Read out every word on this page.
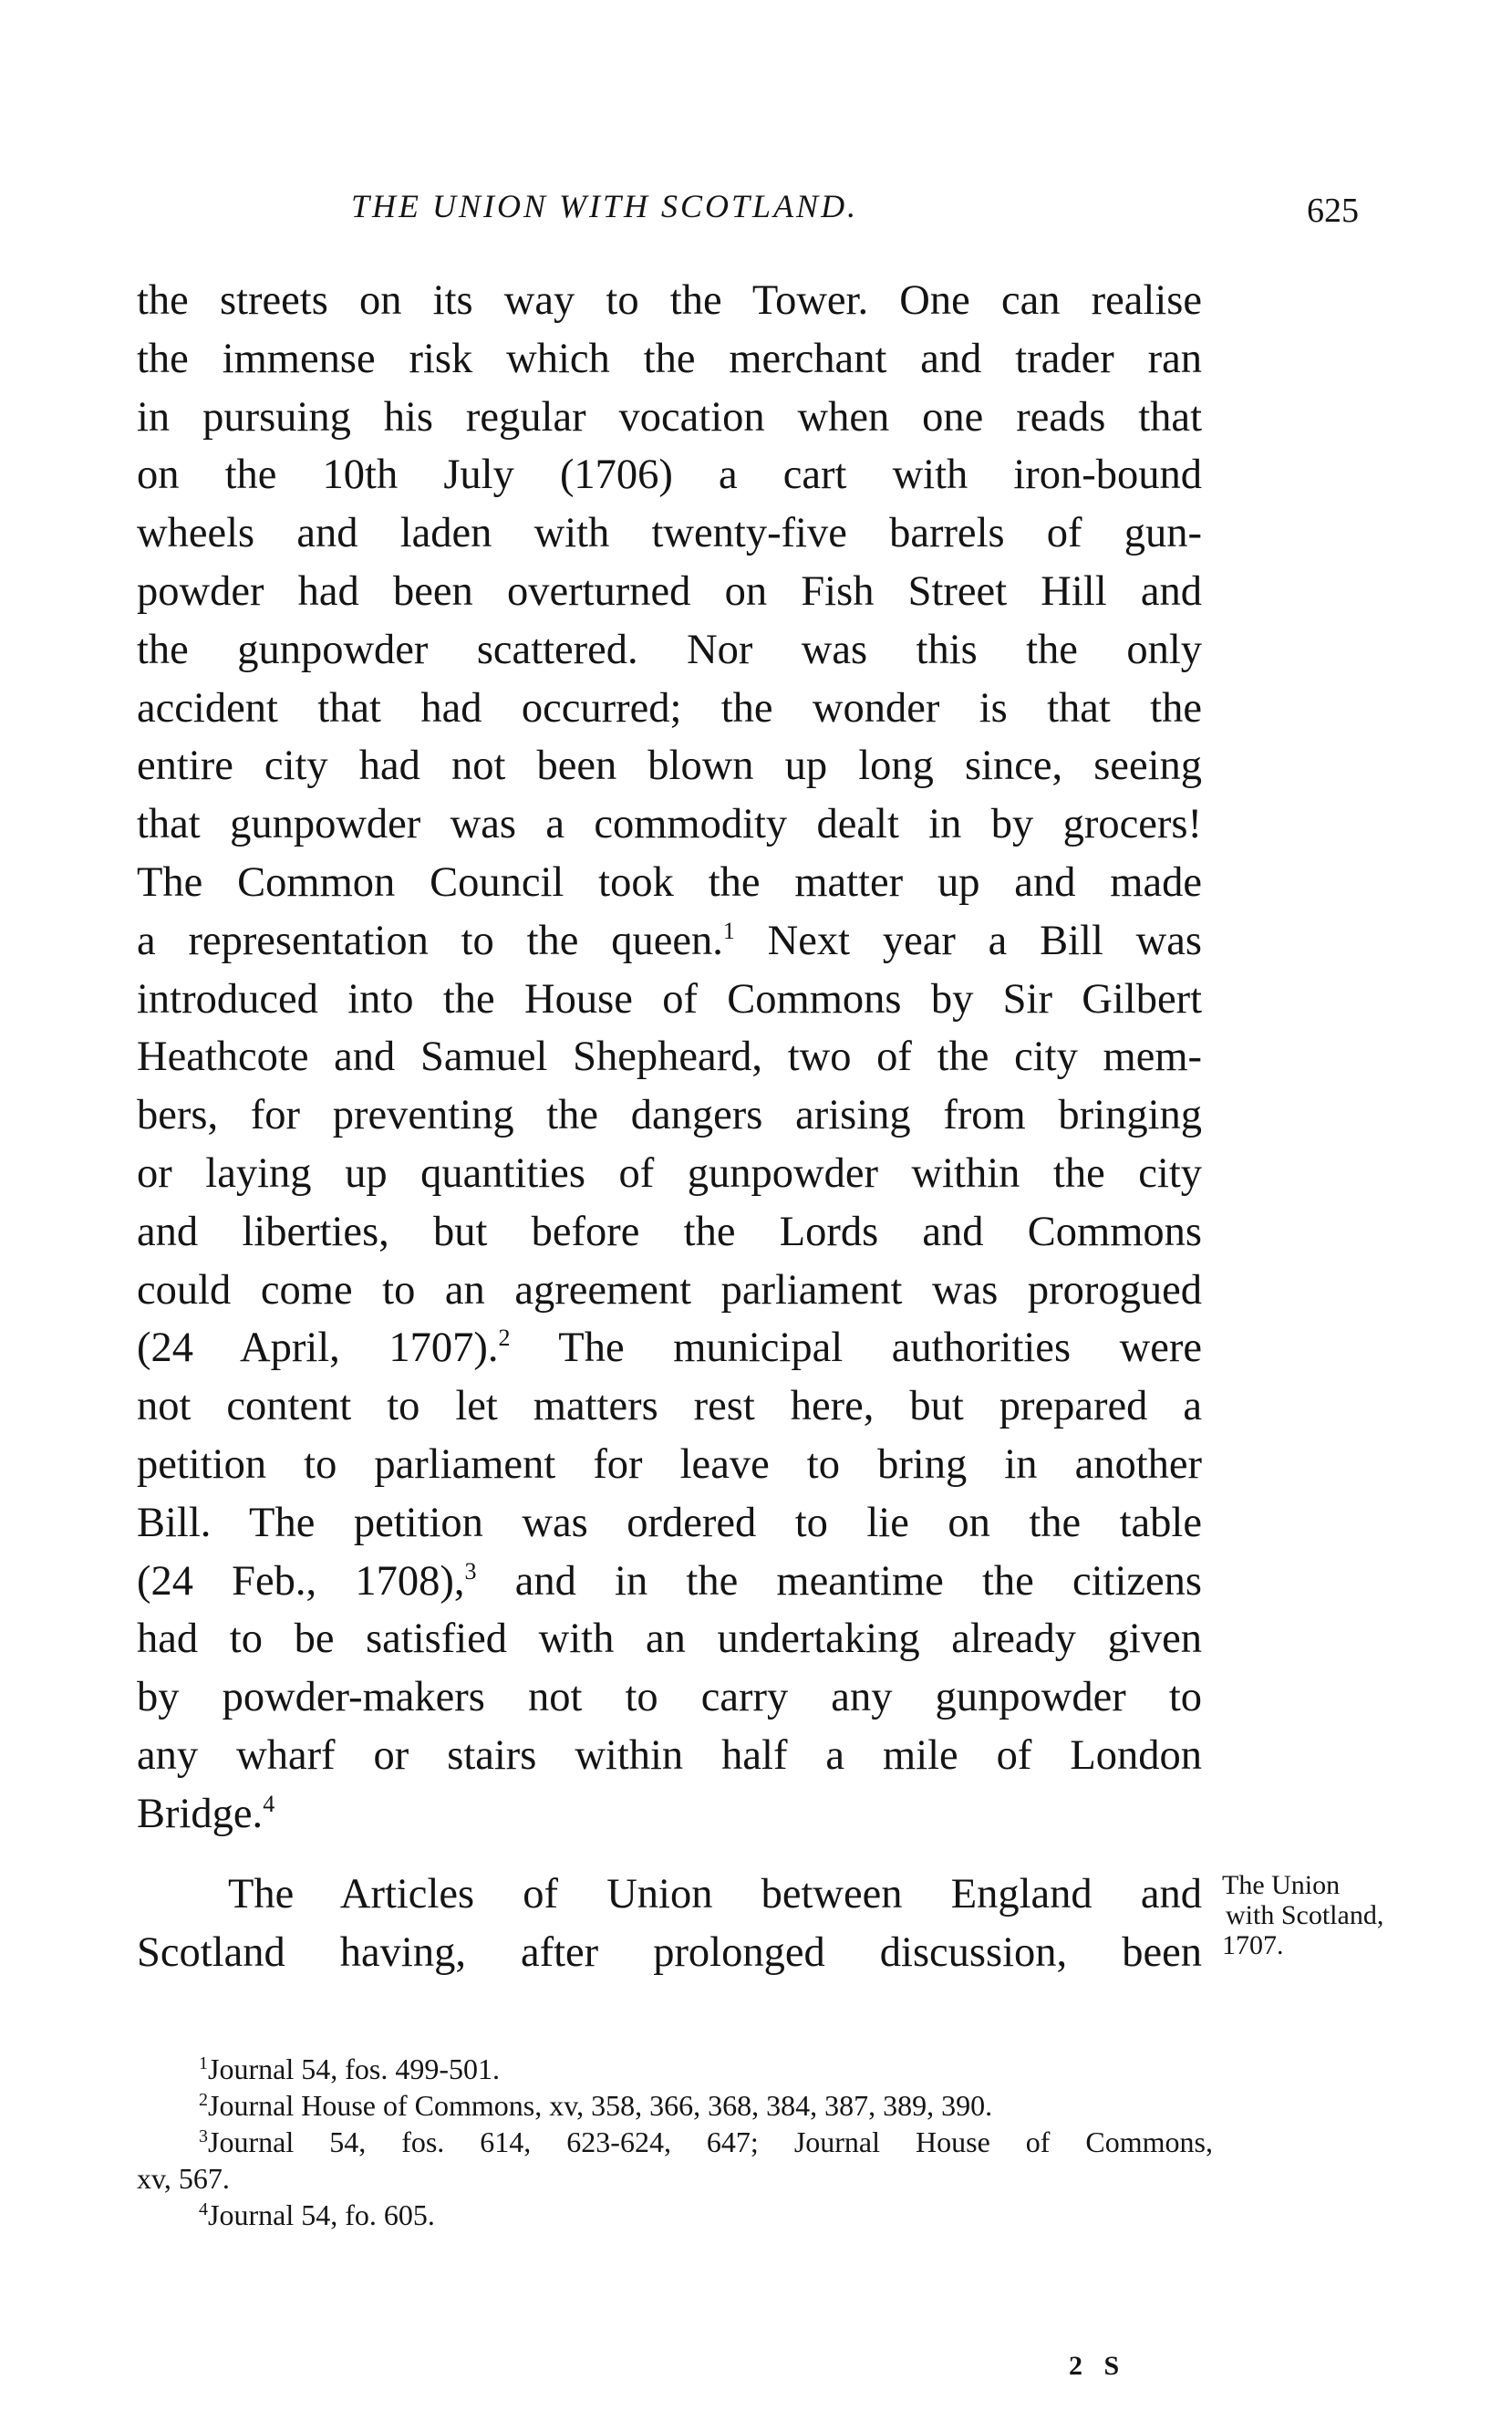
THE UNION WITH SCOTLAND.	625
the streets on its way to the Tower. One can realise
the immense risk which the merchant and trader ran
in pursuing his regular vocation when one reads that
on the 10th July (1706) a cart with iron-bound
wheels and laden with twenty-five barrels of gun-
powder had been overturned on Fish Street Hill and
the gunpowder scattered. Nor was this the only
accident that had occurred; the wonder is that the
entire city had not been blown up long since, seeing
that gunpowder was a commodity dealt in by grocers!
The Common Council took the matter up and made
a representation to the queen.$^1$ Next year a Bill was
introduced into the House of Commons by Sir Gilbert
Heathcote and Samuel Shepheard, two of the city mem-
bers, for preventing the dangers arising from bringing
or laying up quantities of gunpowder within the city
and liberties, but before the Lords and Commons
could come to an agreement parliament was prorogued
(24 April, 1707).$^2$ The municipal authorities were
not content to let matters rest here, but prepared a
petition to parliament for leave to bring in another
Bill. The petition was ordered to lie on the table
(24 Feb., 1708),$^3$ and in the meantime the citizens
had to be satisfied with an undertaking already given
by powder-makers not to carry any gunpowder to
any wharf or stairs within half a mile of London
Bridge.$^4$
The Articles of Union between England and
Scotland having, after prolonged discussion, been
The Union
with Scotland,
1707.
$^1$Journal 54, fos. 499-501.
$^2$Journal House of Commons, xv, 358, 366, 368, 384, 387, 389, 390.
$^3$Journal 54, fos. 614, 623-624, 647; Journal House of Commons,
xv, 567.
$^4$Journal 54, fo. 605.
2 S
